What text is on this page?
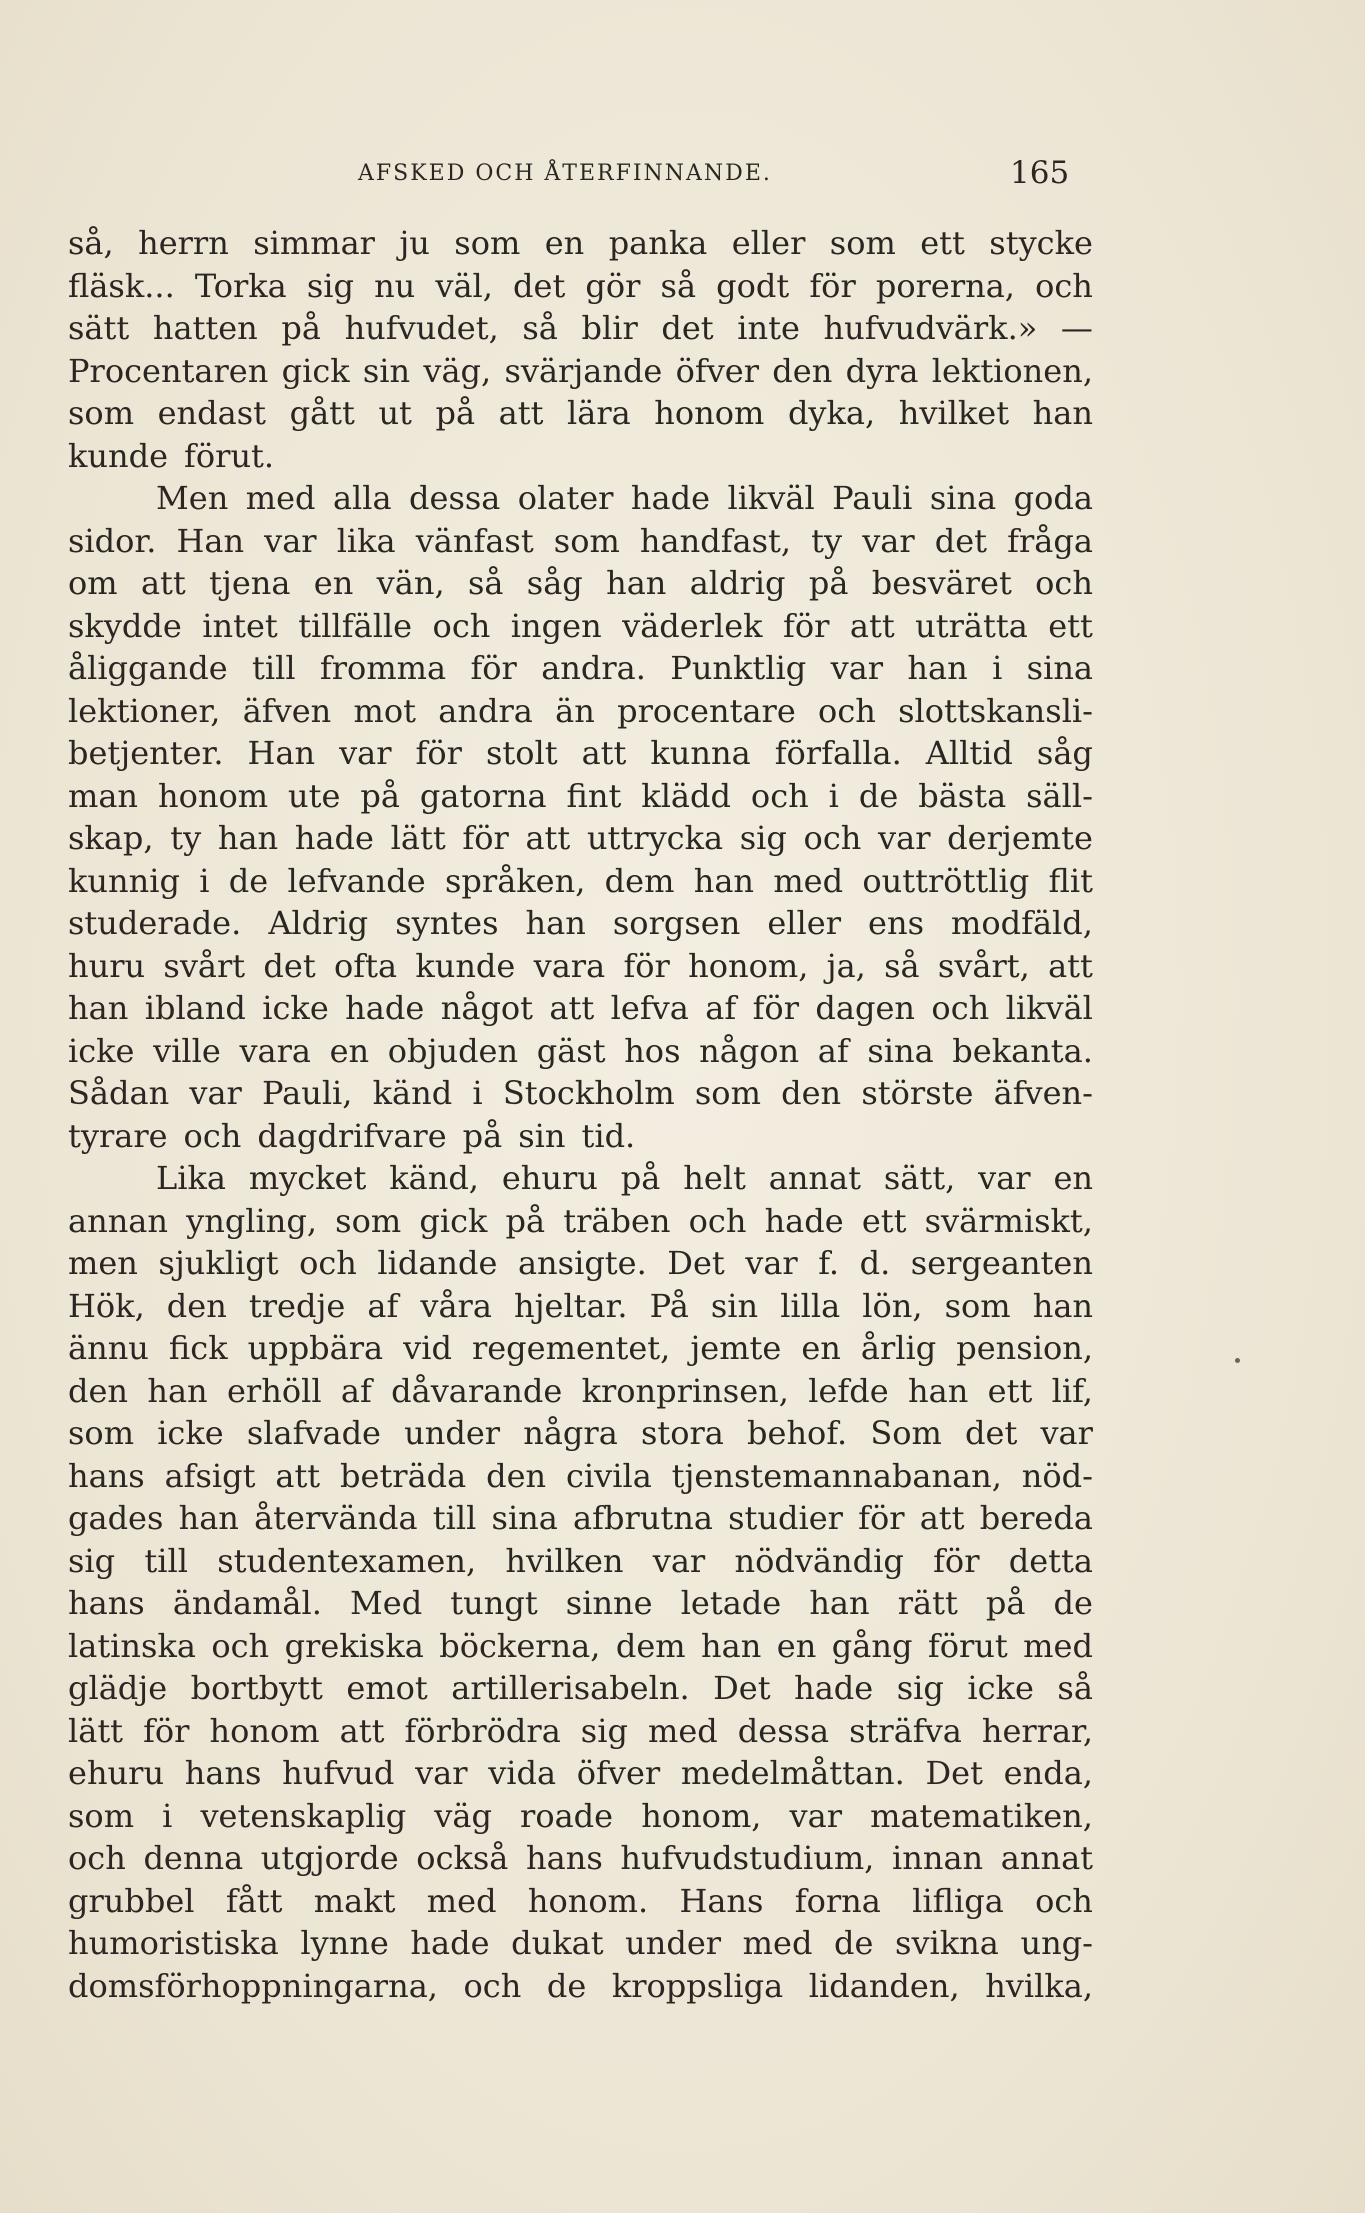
AFSKED OCH ÅTERFINNANDE.	165
så, herrn simmar ju som en panka eller som ett stycke
fläsk... Torka sig nu väl, det gör så godt för porerna, och
sätt hatten på hufvudet, så blir det inte hufvudvärk.» —
Procentaren gick sin väg, svärjande öfver den dyra lektionen,
som endast gått ut på att lära honom dyka, hvilket han
kunde förut.
Men med alla dessa olater hade likväl Pauli sina goda
sidor. Han var lika vänfast som handfast, ty var det fråga
om att tjena en vän, så såg han aldrig på besväret och
skydde intet tillfälle och ingen väderlek för att uträtta ett
åliggande till fromma för andra. Punktlig var han i sina
lektioner, äfven mot andra än procentare och slottskansli-
betjenter. Han var för stolt att kunna förfalla. Alltid såg
man honom ute på gatorna fint klädd och i de bästa säll-
skap, ty han hade lätt för att uttrycka sig och var derjemte
kunnig i de lefvande språken, dem han med outtröttlig flit
studerade. Aldrig syntes han sorgsen eller ens modfäld,
huru svårt det ofta kunde vara för honom, ja, så svårt, att
han ibland icke hade något att lefva af för dagen och likväl
icke ville vara en objuden gäst hos någon af sina bekanta.
Sådan var Pauli, känd i Stockholm som den störste äfven-
tyrare och dagdrifvare på sin tid.
Lika mycket känd, ehuru på helt annat sätt, var en
annan yngling, som gick på träben och hade ett svärmiskt,
men sjukligt och lidande ansigte. Det var f. d. sergeanten
Hök, den tredje af våra hjeltar. På sin lilla lön, som han
ännu fick uppbära vid regementet, jemte en årlig pension,
den han erhöll af dåvarande kronprinsen, lefde han ett lif,
som icke slafvade under några stora behof. Som det var
hans afsigt att beträda den civila tjenstemannabanan, nöd-
gades han återvända till sina afbrutna studier för att bereda
sig till studentexamen, hvilken var nödvändig för detta
hans ändamål. Med tungt sinne letade han rätt på de
latinska och grekiska böckerna, dem han en gång förut med
glädje bortbytt emot artillerisabeln. Det hade sig icke så
lätt för honom att förbrödra sig med dessa sträfva herrar,
ehuru hans hufvud var vida öfver medelmåttan. Det enda,
som i vetenskaplig väg roade honom, var matematiken,
och denna utgjorde också hans hufvudstudium, innan annat
grubbel fått makt med honom. Hans forna lifliga och
humoristiska lynne hade dukat under med de svikna ung-
domsförhoppningarna, och de kroppsliga lidanden, hvilka,
